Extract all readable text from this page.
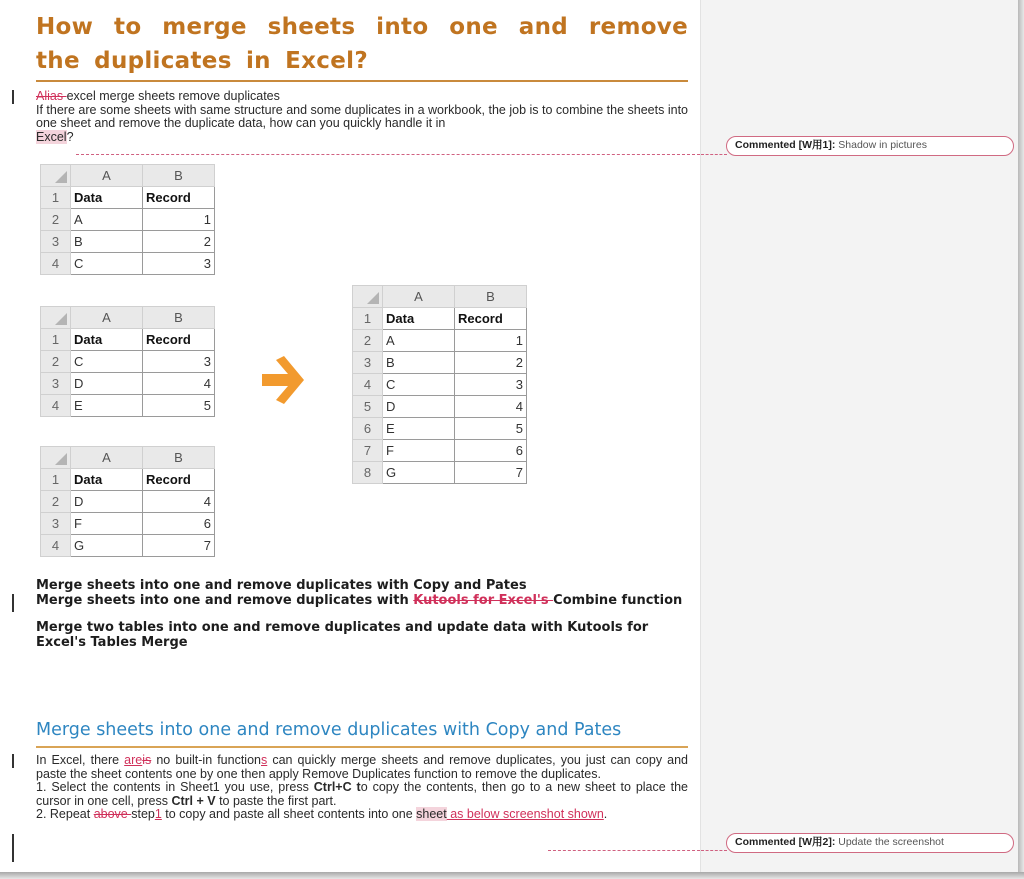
How to merge sheets into one and remove the duplicates in Excel?
Alias excel merge sheets remove duplicates
If there are some sheets with same structure and some duplicates in a workbook, the job is to combine the sheets into one sheet and remove the duplicate data, how can you quickly handle it in
Excel?
	A	B
1	Data	Record
2	A	1
3	B	2
4	C	3
	A	B
1	Data	Record
2	C	3
3	D	4
4	E	5
	A	B
1	Data	Record
2	D	4
3	F	6
4	G	7
	A	B
1	Data	Record
2	A	1
3	B	2
4	C	3
5	D	4
6	E	5
7	F	6
8	G	7
Merge sheets into one and remove duplicates with Copy and Pates
Merge sheets into one and remove duplicates with Kutools for Excel's Combine function
Merge two tables into one and remove duplicates and update data with Kutools for Excel's Tables Merge
Merge sheets into one and remove duplicates with Copy and Pates
In Excel, there areis no built-in functions can quickly merge sheets and remove duplicates, you just can copy and paste the sheet contents one by one then apply Remove Duplicates function to remove the duplicates.
1. Select the contents in Sheet1 you use, press Ctrl+C to copy the contents, then go to a new sheet to place the cursor in one cell, press Ctrl + V to paste the first part.
2. Repeat above step1 to copy and paste all sheet contents into one sheet as below screenshot shown.
Commented [W用1]: Shadow in pictures
Commented [W用2]: Update the screenshot
